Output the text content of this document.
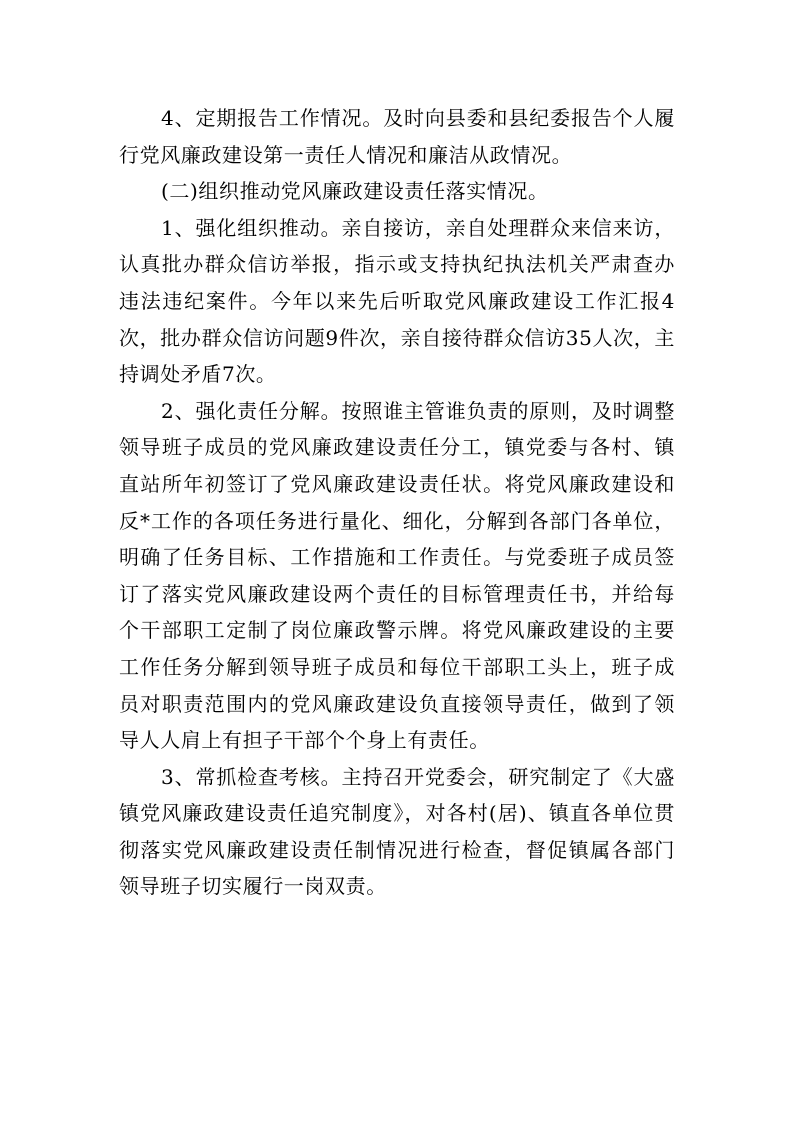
4、定期报告工作情况。及时向县委和县纪委报告个人履行党风廉政建设第一责任人情况和廉洁从政情况。

(二)组织推动党风廉政建设责任落实情况。

1、强化组织推动。亲自接访，亲自处理群众来信来访，认真批办群众信访举报，指示或支持执纪执法机关严肃查办违法违纪案件。今年以来先后听取党风廉政建设工作汇报4次，批办群众信访问题9件次，亲自接待群众信访35人次，主持调处矛盾7次。

2、强化责任分解。按照谁主管谁负责的原则，及时调整领导班子成员的党风廉政建设责任分工，镇党委与各村、镇直站所年初签订了党风廉政建设责任状。将党风廉政建设和反*工作的各项任务进行量化、细化，分解到各部门各单位，明确了任务目标、工作措施和工作责任。与党委班子成员签订了落实党风廉政建设两个责任的目标管理责任书，并给每个干部职工定制了岗位廉政警示牌。将党风廉政建设的主要工作任务分解到领导班子成员和每位干部职工头上，班子成员对职责范围内的党风廉政建设负直接领导责任，做到了领导人人肩上有担子干部个个身上有责任。

3、常抓检查考核。主持召开党委会，研究制定了《大盛镇党风廉政建设责任追究制度》，对各村(居)、镇直各单位贯彻落实党风廉政建设责任制情况进行检查，督促镇属各部门领导班子切实履行一岗双责。
